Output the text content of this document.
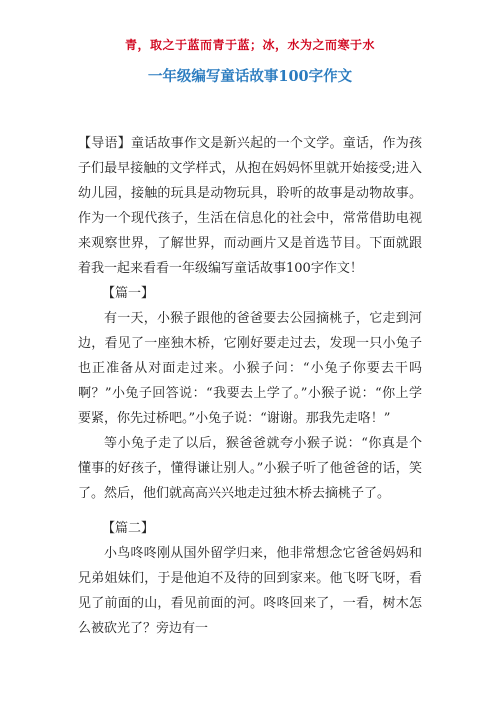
青，取之于蓝而青于蓝；冰，水为之而寒于水
一年级编写童话故事100字作文

【导语】童话故事作文是新兴起的一个文学。童话，作为孩子们最早接触的文学样式，从抱在妈妈怀里就开始接受;进入幼儿园，接触的玩具是动物玩具，聆听的故事是动物故事。作为一个现代孩子，生活在信息化的社会中，常常借助电视来观察世界，了解世界，而动画片又是首选节目。下面就跟着我一起来看看一年级编写童话故事100字作文！

【篇一】

有一天，小猴子跟他的爸爸要去公园摘桃子，它走到河边，看见了一座独木桥，它刚好要走过去，发现一只小兔子也正准备从对面走过来。小猴子问：“小兔子你要去干吗啊？”小兔子回答说：“我要去上学了。”小猴子说：“你上学要紧，你先过桥吧。”小兔子说：“谢谢。那我先走咯！”

等小兔子走了以后，猴爸爸就夸小猴子说：“你真是个懂事的好孩子，懂得谦让别人。”小猴子听了他爸爸的话，笑了。然后，他们就高高兴兴地走过独木桥去摘桃子了。

【篇二】

小鸟咚咚刚从国外留学归来，他非常想念它爸爸妈妈和兄弟姐妹们，于是他迫不及待的回到家来。他飞呀飞呀，看见了前面的山，看见前面的河。咚咚回来了，一看，树木怎么被砍光了？旁边有一
